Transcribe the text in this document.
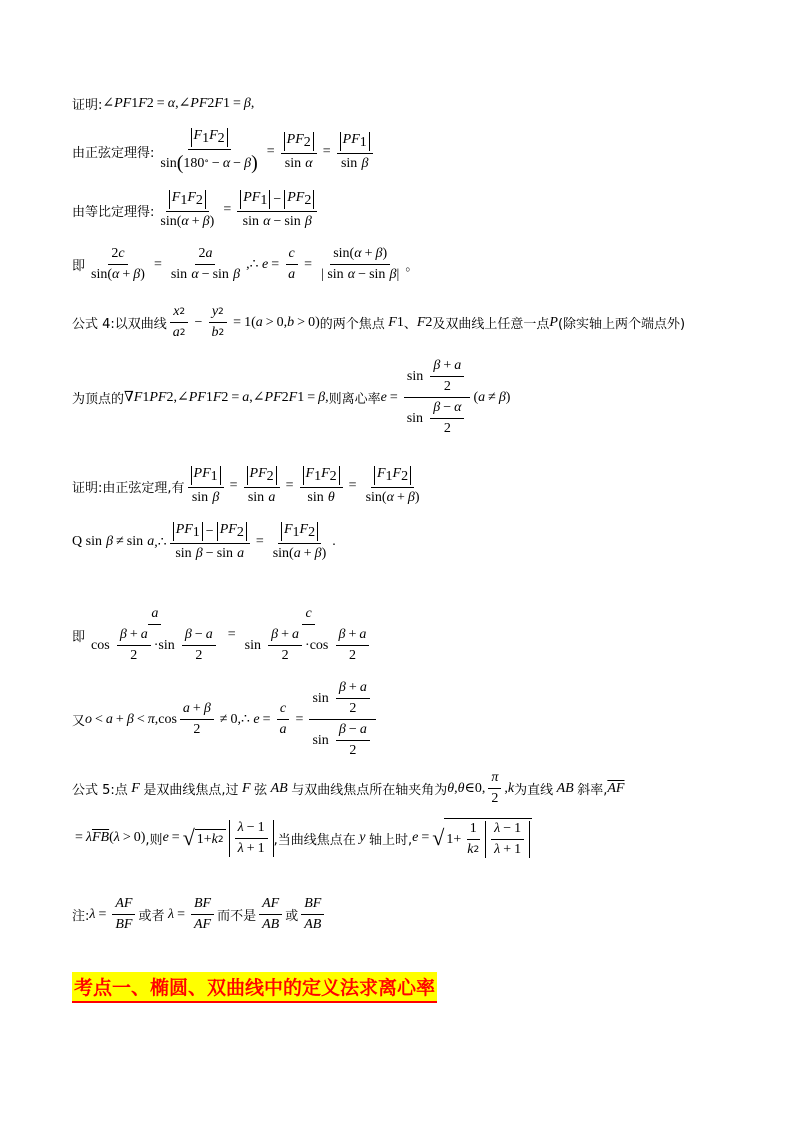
证明: ∠ PF 1 F 2 = α ,∠ PF 2 F 1 = β ,
由正弦定理得: $\frac{F_1F_2}{\sin ( 180 ^\circ - \alpha - \beta )} = PF_2$
sin
$\alpha = PF_1$
sin
β
由等比定理得: $\frac{F_1F_2}{\sin( \alpha + \beta )} = PF_1 - PF_2$
sin
α − sin
β
即 $\frac{2 c}{\sin( \alpha + \beta )} = 2$ a
sin
α − sin
β ,∴ $e = \frac{c}{a} = \sin$( α + β )
| sin
α − sin
β | 。
公式 4:以双曲线 $\frac{x 2}{a 2} - \frac{y 2}{b 2} = 1$( a > 0, b > 0) 的两个焦点 F 1 、 F 2 及双曲线上任意一点 P (除实轴上两个端点外)
为顶点的 ∇ F 1 PF 2 ,∠ PF 1 F 2 = a ,∠ PF 2 F 1 = β , 则离心率 e = sin
$\frac{\beta + a}{2}$
sin
$\frac{\beta - \alpha}{2}$ ( a ≠ β )
证明:由正弦定理,有 $PF_1$
sin
$\beta = PF_2$
sin
$a = F_1F_2$
sin
$\theta = \frac{F_1F_2}{\sin( \alpha + \beta )}$
Q sin
β ≠ sin
a ,∴ $PF_1 - PF_2$
sin
β − sin
$a = \frac{F_1F_2}{\sin( a + \beta )}$ .
即 a
cos
$\frac{\beta + a}{2} \cdot \sin$
$\frac{\beta - a}{2} = c$
sin
$\frac{\beta + a}{2} \cdot \cos$
$\frac{\beta + a}{2}$
又 o < a + β < π $,\cos \frac{a + \beta}{2}$ ≠ 0,∴ $e = \frac{c}{a} = \sin$
$\frac{\beta + a}{2}$
sin
$\frac{\beta - a}{2}$
公式 5:点 F 是双曲线焦点,过 F 弦 AB 与双曲线焦点所在轴夹角为 θ , θ ∈ 0, $\frac{\pi}{2}$ , k 为直线 AB 斜率, $\overline{AF}$
= λ $\overline{FB}$ ( λ > 0) ,则 e = √ 1+ k $2 \frac{\lambda - 1}{\lambda + 1}$ ,当曲线焦点在 y 轴上时, e = √ $1+ \frac{1}{k 2} \frac{\lambda - 1}{\lambda + 1}$
注: $\lambda = \frac{AF}{BF}$ 或者 $\lambda = \frac{BF}{AF}$ 而不是 $\frac{AF}{AB}$ 或 $\frac{BF}{AB}$
考点一、椭圆、双曲线中的定义法求离心率
